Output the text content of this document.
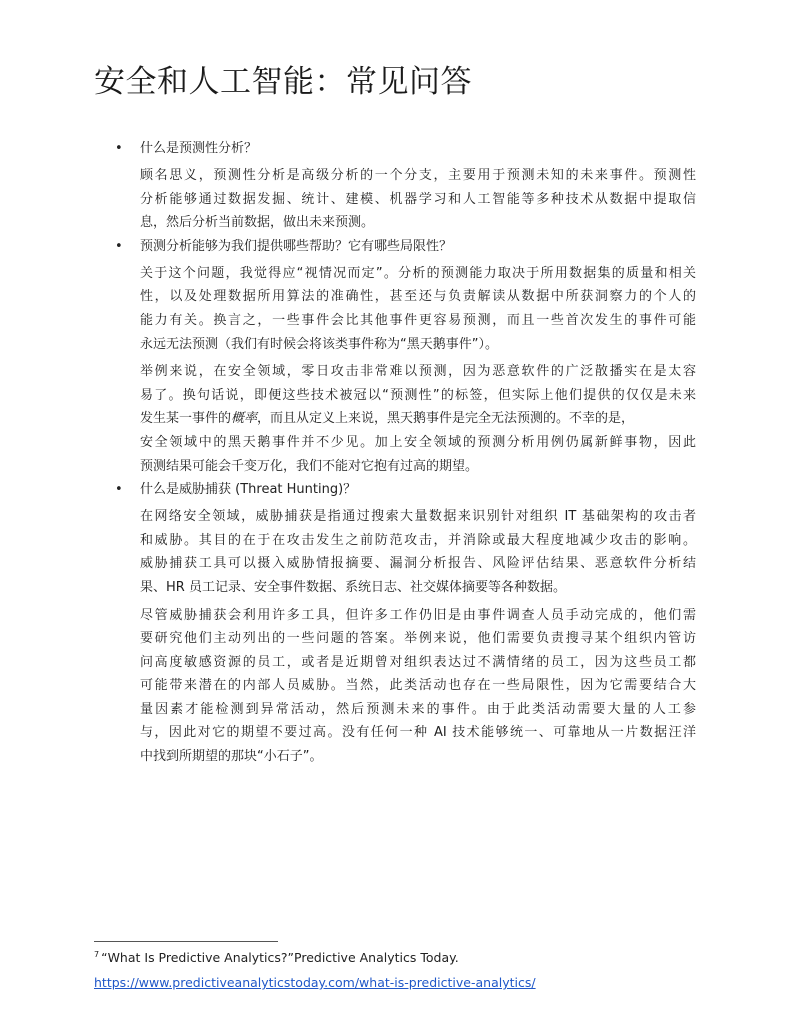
安全和人工智能：常见问答
• 什么是预测性分析？
顾名思义，预测性分析是高级分析的一个分支，主要用于预测未知的未来事件。预测性
分析能够通过数据发掘、统计、建模、机器学习和人工智能等多种技术从数据中提取信
息，然后分析当前数据，做出未来预测。
• 预测分析能够为我们提供哪些帮助？它有哪些局限性？
关于这个问题，我觉得应“视情况而定”。分析的预测能力取决于所用数据集的质量和相关
性，以及处理数据所用算法的准确性，甚至还与负责解读从数据中所获洞察力的个人的
能力有关。换言之，一些事件会比其他事件更容易预测，而且一些首次发生的事件可能
永远无法预测（我们有时候会将该类事件称为“黑天鹅事件”）。
举例来说，在安全领域，零日攻击非常难以预测，因为恶意软件的广泛散播实在是太容
易了。换句话说，即便这些技术被冠以“预测性”的标签，但实际上他们提供的仅仅是未来
发生某一事件的概率，而且从定义上来说，黑天鹅事件是完全无法预测的。不幸的是，
安全领域中的黑天鹅事件并不少见。加上安全领域的预测分析用例仍属新鲜事物，因此
预测结果可能会千变万化，我们不能对它抱有过高的期望。
• 什么是威胁捕获 (Threat Hunting)？
在网络安全领域，威胁捕获是指通过搜索大量数据来识别针对组织 IT 基础架构的攻击者
和威胁。其目的在于在攻击发生之前防范攻击，并消除或最大程度地减少攻击的影响。
威胁捕获工具可以摄入威胁情报摘要、漏洞分析报告、风险评估结果、恶意软件分析结
果、HR 员工记录、安全事件数据、系统日志、社交媒体摘要等各种数据。
尽管威胁捕获会利用许多工具，但许多工作仍旧是由事件调查人员手动完成的，他们需
要研究他们主动列出的一些问题的答案。举例来说，他们需要负责搜寻某个组织内管访
问高度敏感资源的员工，或者是近期曾对组织表达过不满情绪的员工，因为这些员工都
可能带来潜在的内部人员威胁。当然，此类活动也存在一些局限性，因为它需要结合大
量因素才能检测到异常活动，然后预测未来的事件。由于此类活动需要大量的人工参
与，因此对它的期望不要过高。没有任何一种 AI 技术能够统一、可靠地从一片数据汪洋
中找到所期望的那块“小石子”。
$^7$ “What Is Predictive Analytics?”Predictive Analytics Today.
https://www.predictiveanalyticstoday.com/what-is-predictive-analytics/
